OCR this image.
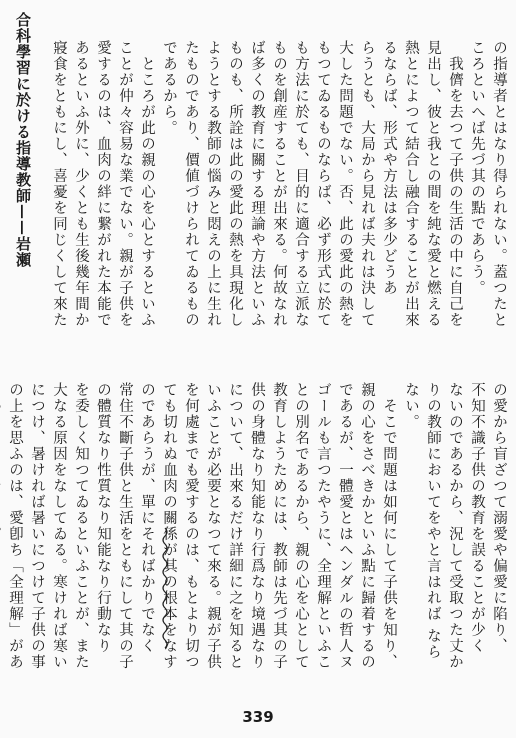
合科學習に於ける指導教師——岩瀬	の指導者とはなり得られない。蓋つたと

ころといへば先づ其の點であらう。

　我儕を去つて子供の生活の中に自己を

見出し、彼と我との間を純な愛と燃える

熱とによつて結合し融合することが出來

るならば、形式や方法は多少どうあ

らうとも、大局から見れば夫れは決して

大した問題でない。否、此の愛此の熱を

もつてゐるものならば、必ず形式に於て

も方法に於ても、目的に適合する立派な

ものを創産することが出來る。何故なれ

ば多くの教育に關する理論や方法といふ

ものも、所詮は此の愛此の熱を具現化し

ようとする教師の惱みと悶えの上に生れ

たものであり、價値づけられてゐるもの

であるから。

　ところが此の親の心を心とするといふ

ことが仲々容易な業でない。親が子供を

愛するのは、血肉の絆に繋がれた本能で

あるといふ外に、少くとも生後幾年間か

寢食をともにし、喜憂を同じくして來た

の愛から盲ざつて溺愛や偏愛に陷り、

不知不識子供の教育を誤ることが少く

ないのであるから、況して受取つた丈か

りの教師においてをやと言はれば なら

ない。

　そこで問題は如何にして子供を知り、

親の心をさべきかといふ點に歸着するの

であるが、一體愛とはヘンダルの哲人ヌ

ゴールも言つたやうに、全理解といふこ

との別名であるから、親の心を心として

教育しようためには、教師は先づ其の子

供の身體なり知能なり行爲なり境遇なり

について、出來るだけ詳細に之を知ると

いふことが必要となつて來る。親が子供

を何處までも愛するのは、もとより切つ

ても切れぬ血肉の關係が其の根本をなす

のであらうが、單にそればかりでなく

常住不斷子供と生活をともにして其の子

の體質なり性質なり知能なり行動なり

を委しく知つてゐるといふことが、また

大なる原因をなしてゐる。寒ければ寒い

につけ、暑ければ暑いにつけて子供の事

の上を思ふのは、愛卽ち「全理解」があ

339
